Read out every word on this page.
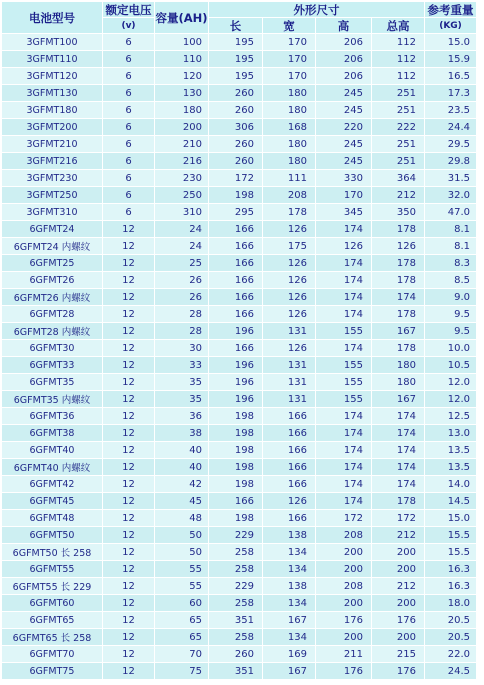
电池型号	额定电压	容量(AH)	外形尺寸				参考重量
	(v)		长	宽	高	总高	(KG)
3GFMT100	6	100	195	170	206	112	15.0
3GFMT110	6	110	195	170	206	112	15.9
3GFMT120	6	120	195	170	206	112	16.5
3GFMT130	6	130	260	180	245	251	17.3
3GFMT180	6	180	260	180	245	251	23.5
3GFMT200	6	200	306	168	220	222	24.4
3GFMT210	6	210	260	180	245	251	29.5
3GFMT216	6	216	260	180	245	251	29.8
3GFMT230	6	230	172	111	330	364	31.5
3GFMT250	6	250	198	208	170	212	32.0
3GFMT310	6	310	295	178	345	350	47.0
6GFMT24	12	24	166	126	174	178	8.1
6GFMT24 内螺纹	12	24	166	175	126	126	8.1
6GFMT25	12	25	166	126	174	178	8.3
6GFMT26	12	26	166	126	174	178	8.5
6GFMT26 内螺纹	12	26	166	126	174	174	9.0
6GFMT28	12	28	166	126	174	178	9.5
6GFMT28 内螺纹	12	28	196	131	155	167	9.5
6GFMT30	12	30	166	126	174	178	10.0
6GFMT33	12	33	196	131	155	180	10.5
6GFMT35	12	35	196	131	155	180	12.0
6GFMT35 内螺纹	12	35	196	131	155	167	12.0
6GFMT36	12	36	198	166	174	174	12.5
6GFMT38	12	38	198	166	174	174	13.0
6GFMT40	12	40	198	166	174	174	13.5
6GFMT40 内螺纹	12	40	198	166	174	174	13.5
6GFMT42	12	42	198	166	174	174	14.0
6GFMT45	12	45	166	126	174	178	14.5
6GFMT48	12	48	198	166	172	172	15.0
6GFMT50	12	50	229	138	208	212	15.5
6GFMT50 长 258	12	50	258	134	200	200	15.5
6GFMT55	12	55	258	134	200	200	16.3
6GFMT55 长 229	12	55	229	138	208	212	16.3
6GFMT60	12	60	258	134	200	200	18.0
6GFMT65	12	65	351	167	176	176	20.5
6GFMT65 长 258	12	65	258	134	200	200	20.5
6GFMT70	12	70	260	169	211	215	22.0
6GFMT75	12	75	351	167	176	176	24.5
